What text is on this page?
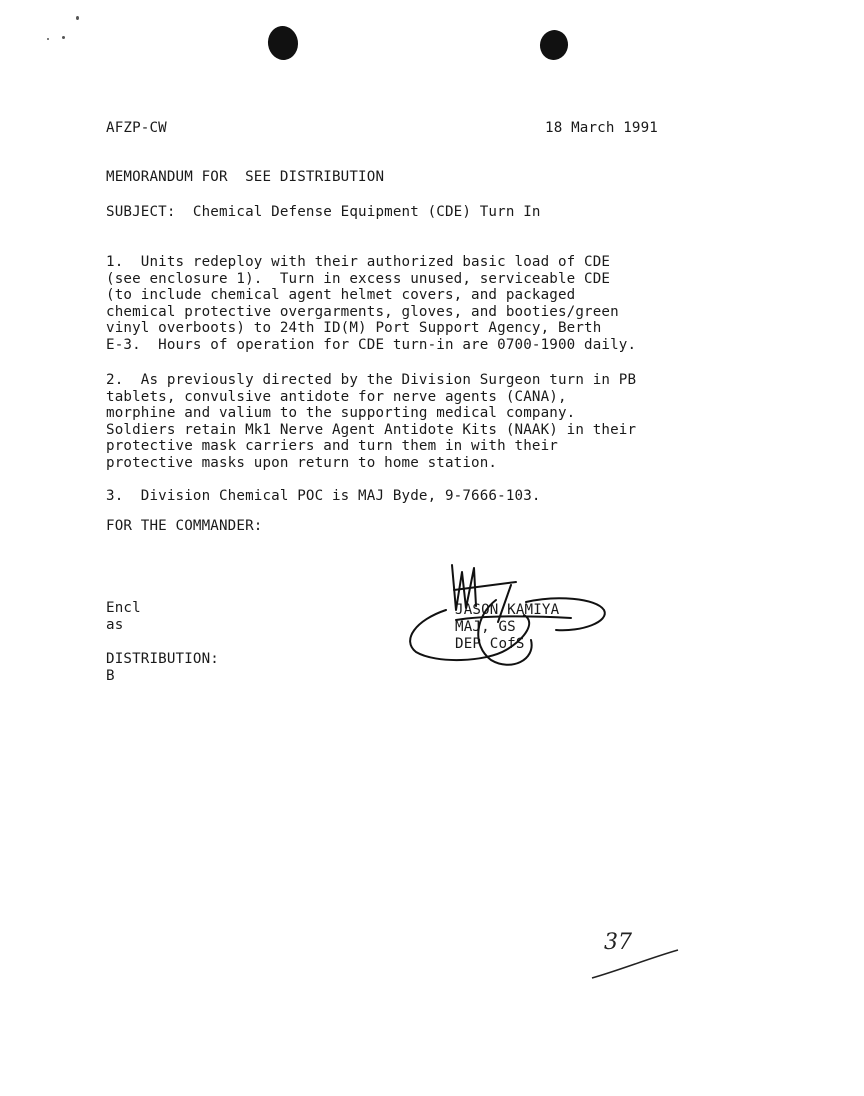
AFZP-CW	18 March 1991
MEMORANDUM FOR  SEE DISTRIBUTION
SUBJECT:  Chemical Defense Equipment (CDE) Turn In
1.  Units redeploy with their authorized basic load of CDE
(see enclosure 1).  Turn in excess unused, serviceable CDE
(to include chemical agent helmet covers, and packaged
chemical protective overgarments, gloves, and booties/green
vinyl overboots) to 24th ID(M) Port Support Agency, Berth
E-3.  Hours of operation for CDE turn-in are 0700-1900 daily.
2.  As previously directed by the Division Surgeon turn in PB
tablets, convulsive antidote for nerve agents (CANA),
morphine and valium to the supporting medical company.
Soldiers retain Mk1 Nerve Agent Antidote Kits (NAAK) in their
protective mask carriers and turn them in with their
protective masks upon return to home station.
3.  Division Chemical POC is MAJ Byde, 9-7666-103.
FOR THE COMMANDER:
Encl
as
DISTRIBUTION:
B
JASON KAMIYA
MAJ, GS
DEP CofS
37
